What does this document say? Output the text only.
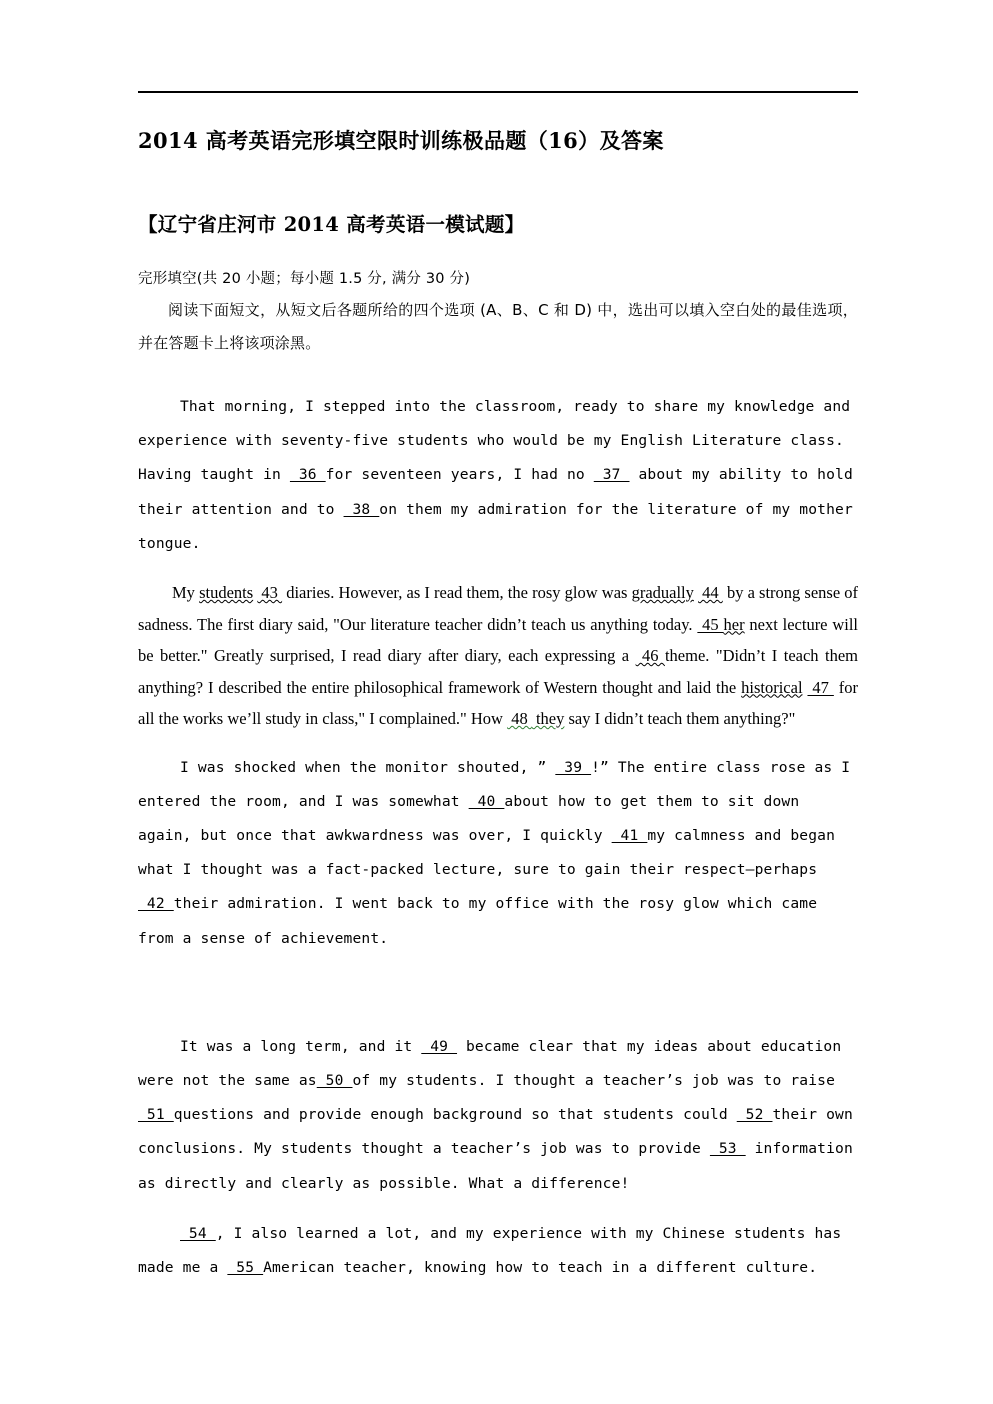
2014 高考英语完形填空限时训练极品题（16）及答案
【辽宁省庄河市 2014 高考英语一模试题】

完形填空(共 20 小题；每小题 1.5 分, 满分 30 分)

阅读下面短文，从短文后各题所给的四个选项 (A、B、C 和 D) 中，选出可以填入空白处的最佳选项，并在答题卡上将该项涂黑。

That morning, I stepped into the classroom, ready to share my knowledge and experience with seventy-five students who would be my English Literature class. Having taught in  36 for seventeen years, I had no  37  about my ability to hold their attention and to  38 on them my admiration for the literature of my mother tongue.

My students  43  diaries. However, as I read them, the rosy glow was gradually  44  by a strong sense of sadness. The first diary said, "Our literature teacher didn’t teach us anything today.  45 her next lecture will be better." Greatly surprised, I read diary after diary, each expressing a  46 theme. "Didn’t I teach them anything? I described the entire philosophical framework of Western thought and laid the historical  47  for all the works we’ll study in class," I complained." How  48  they say I didn’t teach them anything?"

I was shocked when the monitor shouted, ”  39 !” The entire class rose as I entered the room, and I was somewhat  40 about how to get them to sit down again, but once that awkwardness was over, I quickly  41 my calmness and began what I thought was a fact-packed lecture, sure to gain their respect—perhaps  42 their admiration. I went back to my office with the rosy glow which came from a sense of achievement.

It was a long term, and it  49  became clear that my ideas about education were not the same as 50 of my students. I thought a teacher’s job was to raise  51 questions and provide enough background so that students could  52 their own conclusions. My students thought a teacher’s job was to provide  53  information as directly and clearly as possible. What a difference!

54 , I also learned a lot, and my experience with my Chinese students has made me a  55 American teacher, knowing how to teach in a different culture.
